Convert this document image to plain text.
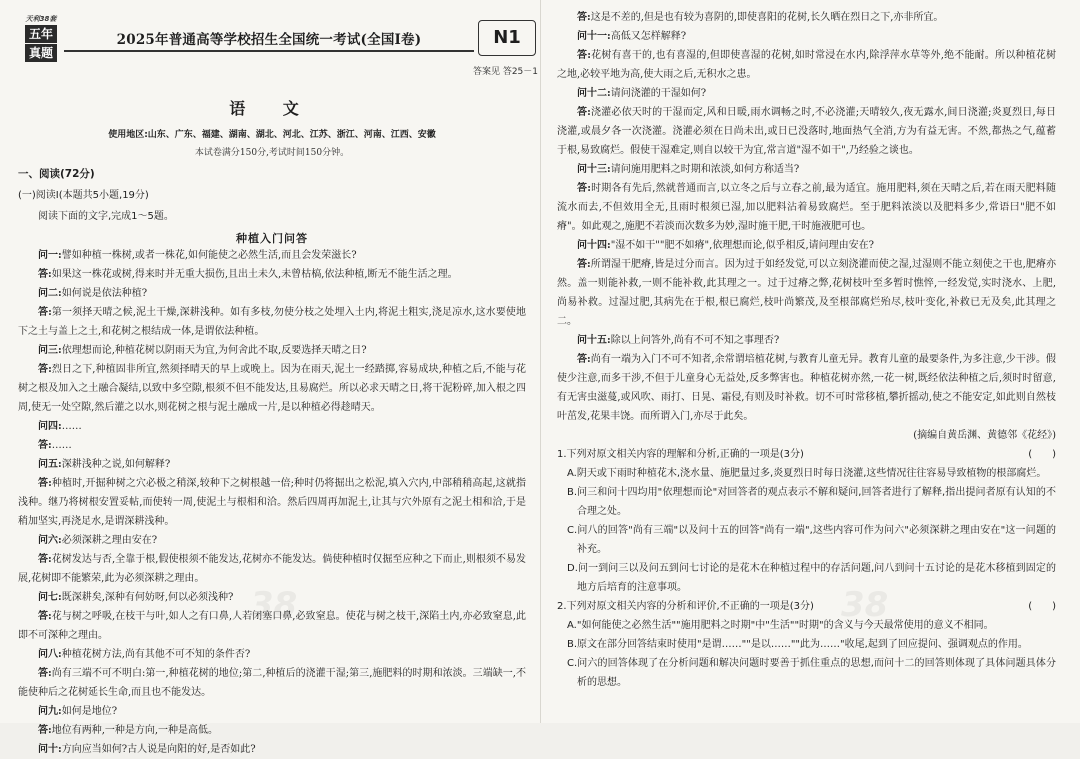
天利38套
五年
真题
2025年普通高等学校招生全国统一考试(全国Ⅰ卷)	N1
答案见 答25－1
语 文
使用地区:山东、广东、福建、湖南、湖北、河北、江苏、浙江、河南、江西、安徽
本试卷满分150分,考试时间150分钟。
一、阅读(72分)
(一)阅读Ⅰ(本题共5小题,19分)
阅读下面的文字,完成1～5题。
种植入门问答
问一:譬如种植一株树,或者一株花,如何能使之必然生活,而且会发荣滋长?
答:如果这一株花或树,得来时并无重大损伤,且出土未久,未曾枯槁,依法种植,断无不能生活之理。
问二:如何说是依法种植?
答:第一须择天晴之候,泥土干燥,深耕浅种。如有多枝,勿使分枝之处埋入土内,将泥土粗实,浇足凉水,这水要使地下之土与盖上之土,和花树之根结成一体,是谓依法种植。
问三:依理想而论,种植花树以阴雨天为宜,为何舍此不取,反要选择天晴之日?
答:烈日之下,种植固非所宜,然须择晴天的早上或晚上。因为在雨天,泥土一经踏掷,容易成块,种植之后,不能与花树之根及加入之土融合凝结,以致中多空隙,根须不但不能发达,且易腐烂。所以必求天晴之日,将干泥粉碎,加入根之四周,使无一处空隙,然后灌之以水,则花树之根与泥土融成一片,是以种植必得趁晴天。
问四:……
答:……
问五:深耕浅种之说,如何解释?
答:种植时,开掘种树之穴必极之稍深,较种下之树根越一倍;种时仍将掘出之松泥,填入穴内,中部稍稍高起,这就指浅种。继乃将树根安置妥帖,而使转一周,使泥土与根相和洽。然后四周再加泥土,让其与穴外原有之泥土相和洽,于是稍加坚实,再浇足水,是谓深耕浅种。
问六:必须深耕之理由安在?
答:花树发达与否,全靠于根,假使根须不能发达,花树亦不能发达。倘使种植时仅掘至应种之下而止,则根须不易发展,花树即不能繁荣,此为必须深耕之理由。
问七:既深耕矣,深种有何妨呀,何以必须浅种?
答:花与树之呼吸,在枝干与叶,如人之有口鼻,人若闭塞口鼻,必致窒息。使花与树之枝干,深陷土内,亦必致窒息,此即不可深种之理由。
问八:种植花树方法,尚有其他不可不知的条件否?
答:尚有三端不可不明白:第一,种植花树的地位;第二,种植后的浇灌干湿;第三,施肥料的时期和浓淡。三端缺一,不能使种后之花树延长生命,而且也不能发达。
问九:如何是地位?
答:地位有两种,一种是方向,一种是高低。
问十:方向应当如何?古人说是向阳的好,是否如此?
38
答:这是不差的,但是也有较为喜阴的,即使喜阳的花树,长久晒在烈日之下,亦非所宜。
问十一:高低又怎样解释?
答:花树有喜干的,也有喜湿的,但即使喜湿的花树,如时常浸在水内,除浮萍水草等外,绝不能耐。所以种植花树之地,必较平地为高,使大雨之后,无积水之患。
问十二:请问浇灌的干湿如何?
答:浇灌必依天时的干湿而定,风和日暖,雨水调畅之时,不必浇灌;天晴较久,夜无露水,间日浇灌;炎夏烈日,每日浇灌,或晨夕各一次浇灌。浇灌必须在日尚未出,或日已没落时,地面热气全消,方为有益无害。不然,都热之气,蕴蓄于根,易致腐烂。假使干湿难定,则自以较干为宜,常言道"湿不如干",乃经验之谈也。
问十三:请问施用肥料之时期和浓淡,如何方称适当?
答:时期各有先后,然就普通而言,以立冬之后与立春之前,最为适宜。施用肥料,须在天晴之后,若在雨天肥料随流水而去,不但效用全无,且雨时根须已湿,加以肥料沾着易致腐烂。至于肥料浓淡以及肥料多少,常语曰"肥不如瘠"。如此观之,施肥不若淡而次数多为妙,湿时施干肥,干时施液肥可也。
问十四:"湿不如干""肥不如瘠",依理想而论,似乎相反,请问理由安在?
答:所谓湿干肥瘠,皆是过分而言。因为过于如经发觉,可以立刻浇灌而使之湿,过湿则不能立刻使之干也,肥瘠亦然。盖一则能补救,一则不能补救,此其理之一。过于过瘠之弊,花树枝叶至多暂时憔悴,一经发觉,实时浇水、上肥,尚易补救。过湿过肥,其病先在于根,根已腐烂,枝叶尚繁茂,及至根部腐烂殆尽,枝叶变化,补救已无及矣,此其理之二。
问十五:除以上问答外,尚有不可不知之事理否?
答:尚有一端为入门不可不知者,余常谓培植花树,与教育儿童无异。教育儿童的最要条件,为多注意,少干涉。假使少注意,而多干涉,不但于儿童身心无益处,反多弊害也。种植花树亦然,一花一树,既经依法种植之后,须时时留意,有无害虫滋蔓,或风吹、雨打、日晃、霜侵,有则及时补救。切不可时常移植,攀折摇动,使之不能安定,如此则自然枝叶茁发,花果丰饶。而所谓入门,亦尽于此矣。
(摘编自黄岳渊、黄德邻《花经》)
1.下列对原文相关内容的理解和分析,正确的一项是(3分)	(　　)
A.阴天或下雨时种植花木,浇水量、施肥量过多,炎夏烈日时每日浇灌,这些情况往往容易导致植物的根部腐烂。
B.问三和问十四均用"依理想而论"对回答者的观点表示不解和疑问,回答者进行了解释,指出提问者原有认知的不合理之处。
C.问八的回答"尚有三端"以及问十五的回答"尚有一端",这些内容可作为问六"必须深耕之理由安在"这一问题的补充。
D.问一到问三以及问五到问七讨论的是花木在种植过程中的存活问题,问八到问十五讨论的是花木移植到固定的地方后培育的注意事项。
2.下列对原文相关内容的分析和评价,不正确的一项是(3分)	(　　)
A."如何能使之必然生活""施用肥料之时期"中"生活""时期"的含义与今天最常使用的意义不相同。
B.原文在部分回答结束时使用"是谓……""是以……""此为……"收尾,起到了回应提问、强调观点的作用。
C.问六的回答体现了在分析问题和解决问题时要善于抓住重点的思想,而问十二的回答则体现了具体问题具体分析的思想。
38
